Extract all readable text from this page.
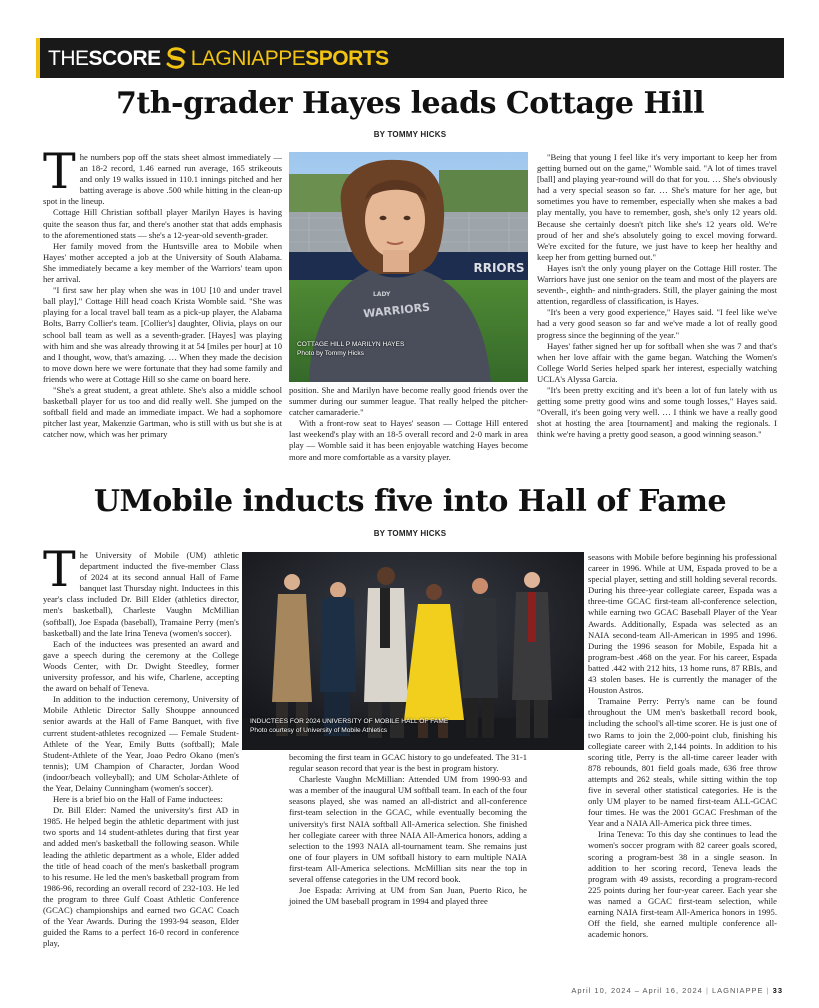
THESCORE LAGNIAPPESPORTS
7th-grader Hayes leads Cottage Hill
BY TOMMY HICKS

The numbers pop off the stats sheet almost immediately — an 18-2 record, 1.46 earned run average, 165 strikeouts and only 19 walks issued in 110.1 innings pitched and her batting average is above .500 while hitting in the clean-up spot in the lineup.

Cottage Hill Christian softball player Marilyn Hayes is having quite the season thus far, and there's another stat that adds emphasis to the aforementioned stats — she's a 12-year-old seventh-grader.

Her family moved from the Huntsville area to Mobile when Hayes' mother accepted a job at the University of South Alabama. She immediately became a key member of the Warriors' team upon her arrival.

"I first saw her play when she was in 10U [10 and under travel ball play]," Cottage Hill head coach Krista Womble said. "She was playing for a local travel ball team as a pick-up player, the Alabama Bolts, Barry Collier's team. [Collier's] daughter, Olivia, plays on our school ball team as well as a seventh-grader. [Hayes] was playing with him and she was already throwing it at 54 [miles per hour] at 10 and I thought, wow, that's amazing. … When they made the decision to move down here we were fortunate that they had some family and friends who were at Cottage Hill so she came on board here.

"She's a great student, a great athlete. She's also a middle school basketball player for us too and did really well. She jumped on the softball field and made an immediate impact. We had a sophomore pitcher last year, Makenzie Gartman, who is still with us but she is at catcher now, which was her primary

RRIORS
WARRIORS
LADY
COTTAGE HILL P MARILYN HAYES
Photo by Tommy Hicks

position. She and Marilyn have become really good friends over the summer during our summer league. That really helped the pitcher-catcher camaraderie."

With a front-row seat to Hayes' season — Cottage Hill entered last weekend's play with an 18-5 overall record and 2-0 mark in area play — Womble said it has been enjoyable watching Hayes become more and more comfortable as a varsity player.

"Being that young I feel like it's very important to keep her from getting burned out on the game," Womble said. "A lot of times travel [ball] and playing year-round will do that for you. … She's obviously had a very special season so far. … She's mature for her age, but sometimes you have to remember, especially when she makes a bad play mentally, you have to remember, gosh, she's only 12 years old. Because she certainly doesn't pitch like she's 12 years old. We're proud of her and she's absolutely going to excel moving forward. We're excited for the future, we just have to keep her healthy and keep her from getting burned out."

Hayes isn't the only young player on the Cottage Hill roster. The Warriors have just one senior on the team and most of the players are seventh-, eighth- and ninth-graders. Still, the player gaining the most attention, regardless of classification, is Hayes.

"It's been a very good experience," Hayes said. "I feel like we've had a very good season so far and we've made a lot of really good progress since the beginning of the year."

Hayes' father signed her up for softball when she was 7 and that's when her love affair with the game began. Watching the Women's College World Series helped spark her interest, especially watching UCLA's Alyssa Garcia.

"It's been pretty exciting and it's been a lot of fun lately with us getting some pretty good wins and some tough losses," Hayes said. "Overall, it's been going very well. … I think we have a really good shot at hosting the area [tournament] and making the regionals. I think we're having a pretty good season, a good winning season."

UMobile inducts five into Hall of Fame
BY TOMMY HICKS

The University of Mobile (UM) athletic department inducted the five-member Class of 2024 at its second annual Hall of Fame banquet last Thursday night. Inductees in this year's class included Dr. Bill Elder (athletics director, men's basketball), Charleste Vaughn McMillian (softball), Joe Espada (baseball), Tramaine Perry (men's basketball) and the late Irina Teneva (women's soccer).

Each of the inductees was presented an award and gave a speech during the ceremony at the College Woods Center, with Dr. Dwight Steedley, former university professor, and his wife, Charlene, accepting the award on behalf of Teneva.

In addition to the induction ceremony, University of Mobile Athletic Director Sally Shouppe announced senior awards at the Hall of Fame Banquet, with five current student-athletes recognized — Female Student-Athlete of the Year, Emily Butts (softball); Male Student-Athlete of the Year, Joao Pedro Okano (men's tennis); UM Champion of Character, Jordan Wood (indoor/beach volleyball); and UM Scholar-Athlete of the Year, Delainy Cunningham (women's soccer).

Here is a brief bio on the Hall of Fame inductees:

Dr. Bill Elder: Named the university's first AD in 1985. He helped begin the athletic department with just two sports and 14 student-athletes during that first year and added men's basketball the following season. While leading the athletic department as a whole, Elder added the title of head coach of the men's basketball program to his resume. He led the men's basketball program from 1986-96, recording an overall record of 232-103. He led the program to three Gulf Coast Athletic Conference (GCAC) championships and earned two GCAC Coach of the Year Awards. During the 1993-94 season, Elder guided the Rams to a perfect 16-0 record in conference play,

INDUCTEES FOR 2024 UNIVERSITY OF MOBILE HALL OF FAME
Photo courtesy of University of Mobile Athletics

becoming the first team in GCAC history to go undefeated. The 31-1 regular season record that year is the best in program history.

Charleste Vaughn McMillian: Attended UM from 1990-93 and was a member of the inaugural UM softball team. In each of the four seasons played, she was named an all-district and all-conference first-team selection in the GCAC, while eventually becoming the university's first NAIA softball All-America selection. She finished her collegiate career with three NAIA All-America honors, adding a selection to the 1993 NAIA all-tournament team. She remains just one of four players in UM softball history to earn multiple NAIA first-team All-America selections. McMillian sits near the top in several offense categories in the UM record book.

Joe Espada: Arriving at UM from San Juan, Puerto Rico, he joined the UM baseball program in 1994 and played three

seasons with Mobile before beginning his professional career in 1996. While at UM, Espada proved to be a special player, setting and still holding several records. During his three-year collegiate career, Espada was a three-time GCAC first-team all-conference selection, while earning two GCAC Baseball Player of the Year Awards. Additionally, Espada was selected as an NAIA second-team All-American in 1995 and 1996. During the 1996 season for Mobile, Espada hit a program-best .468 on the year. For his career, Espada batted .442 with 212 hits, 13 home runs, 87 RBIs, and 43 stolen bases. He is currently the manager of the Houston Astros.

Tramaine Perry: Perry's name can be found throughout the UM men's basketball record book, including the school's all-time scorer. He is just one of two Rams to join the 2,000-point club, finishing his collegiate career with 2,144 points. In addition to his scoring title, Perry is the all-time career leader with 878 rebounds, 801 field goals made, 636 free throw attempts and 262 steals, while sitting within the top five in several other statistical categories. He is the only UM player to be named first-team ALL-GCAC four times. He was the 2001 GCAC Freshman of the Year and a NAIA All-America pick three times.

Irina Teneva: To this day she continues to lead the women's soccer program with 82 career goals scored, scoring a program-best 38 in a single season. In addition to her scoring record, Teneva leads the program with 49 assists, recording a program-record 225 points during her four-year career. Each year she was named a GCAC first-team selection, while earning NAIA first-team All-America honors in 1995. Off the field, she earned multiple conference all-academic honors.

April 10, 2024 – April 16, 2024 | LAGNIAPPE | 33
